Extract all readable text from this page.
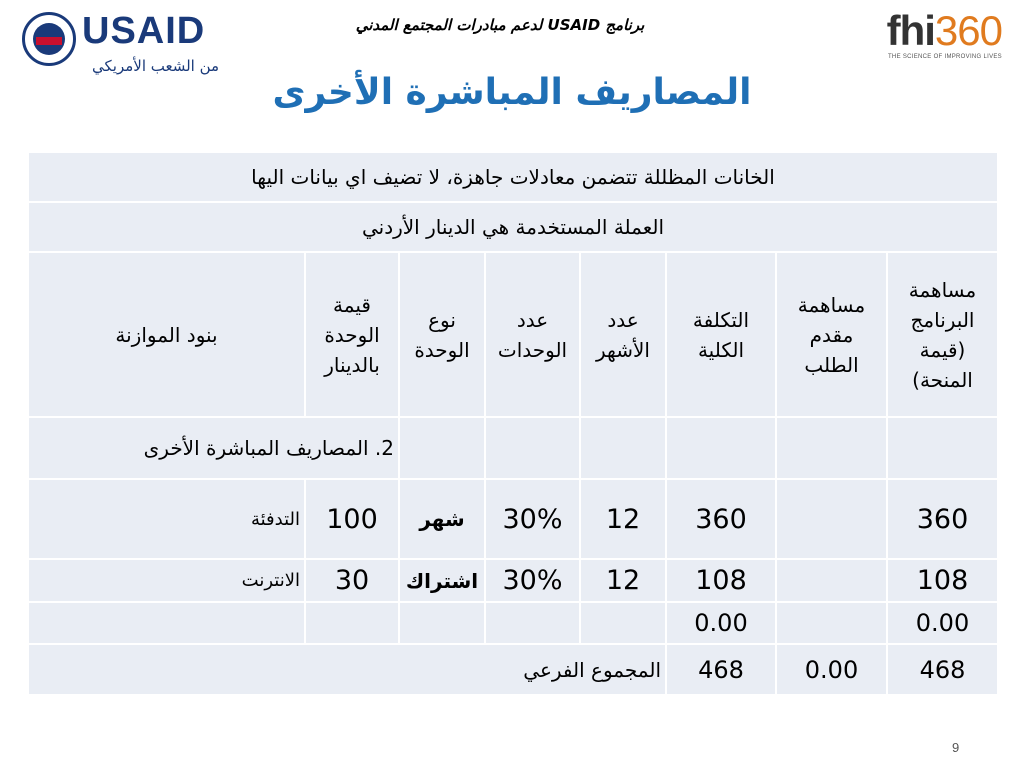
USAID
من الشعب الأمريكي
برنامج USAID لدعم مبادرات المجتمع المدني	fhi360
THE SCIENCE OF IMPROVING LIVES
المصاريف المباشرة الأخرى
الخانات المظللة تتضمن معادلات جاهزة، لا تضيف اي بيانات اليها							
العملة المستخدمة هي الدينار الأردني							
مساهمة البرنامج (قيمة المنحة)	مساهمة مقدم الطلب	التكلفة الكلية	عدد الأشهر	عدد الوحدات	نوع الوحدة	قيمة الوحدة بالدينار	بنود الموازنة
						2. المصاريف المباشرة الأخرى	
360		360	12	30%	شهر	100	التدفئة
108		108	12	30%	اشتراك	30	الانترنت
0.00		0.00					
468	0.00	468	المجموع الفرعي				
9
